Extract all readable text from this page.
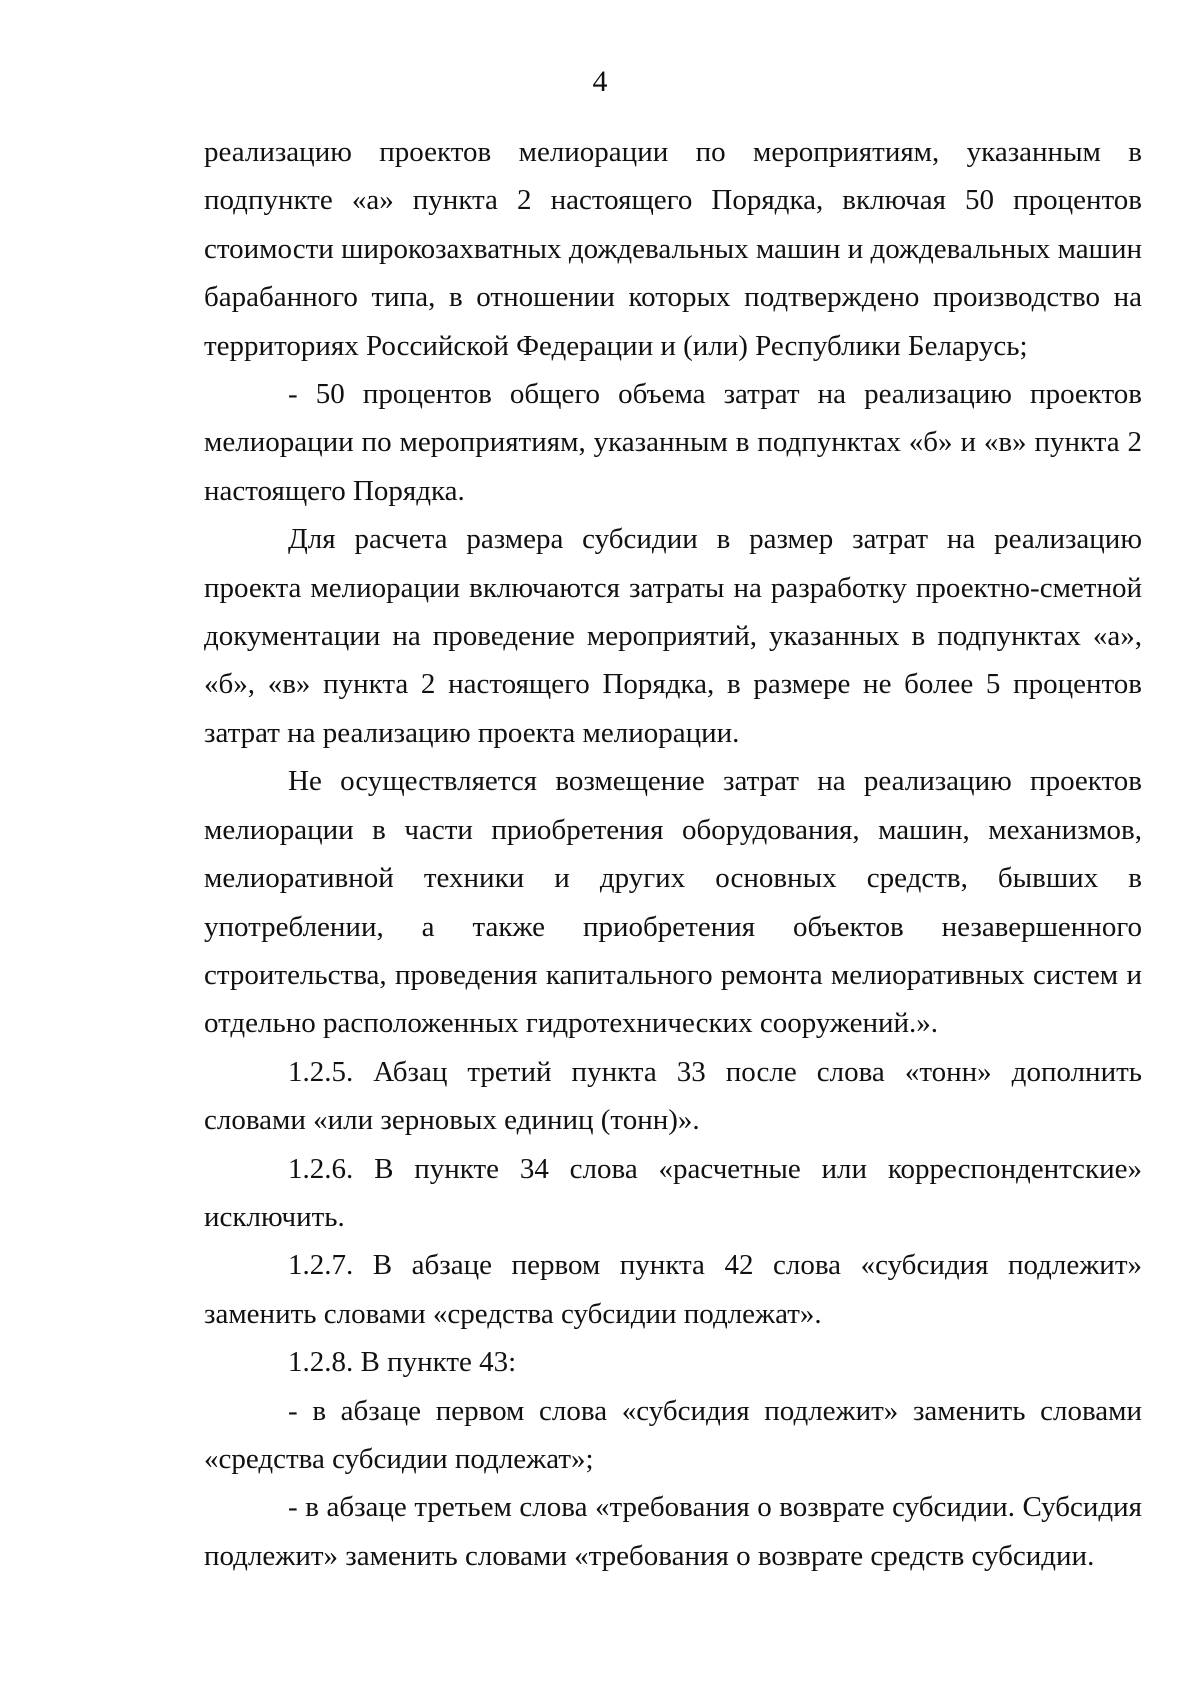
4

реализацию проектов мелиорации по мероприятиям, указанным в подпункте «а» пункта 2 настоящего Порядка, включая 50 процентов стоимости широкозахватных дождевальных машин и дождевальных машин барабанного типа, в отношении которых подтверждено производство на территориях Российской Федерации и (или) Республики Беларусь;

- 50 процентов общего объема затрат на реализацию проектов мелиорации по мероприятиям, указанным в подпунктах «б» и «в» пункта 2 настоящего Порядка.

Для расчета размера субсидии в размер затрат на реализацию проекта мелиорации включаются затраты на разработку проектно-сметной документации на проведение мероприятий, указанных в подпунктах «а», «б», «в» пункта 2 настоящего Порядка, в размере не более 5 процентов затрат на реализацию проекта мелиорации.

Не осуществляется возмещение затрат на реализацию проектов мелиорации в части приобретения оборудования, машин, механизмов, мелиоративной техники и других основных средств, бывших в употреблении, а также приобретения объектов незавершенного строительства, проведения капитального ремонта мелиоративных систем и отдельно расположенных гидротехнических сооружений.».

1.2.5. Абзац третий пункта 33 после слова «тонн» дополнить словами «или зерновых единиц (тонн)».

1.2.6. В пункте 34 слова «расчетные или корреспондентские» исключить.

1.2.7. В абзаце первом пункта 42 слова «субсидия подлежит» заменить словами «средства субсидии подлежат».

1.2.8. В пункте 43:

- в абзаце первом слова «субсидия подлежит» заменить словами «средства субсидии подлежат»;

- в абзаце третьем слова «требования о возврате субсидии. Субсидия подлежит» заменить словами «требования о возврате средств субсидии.
